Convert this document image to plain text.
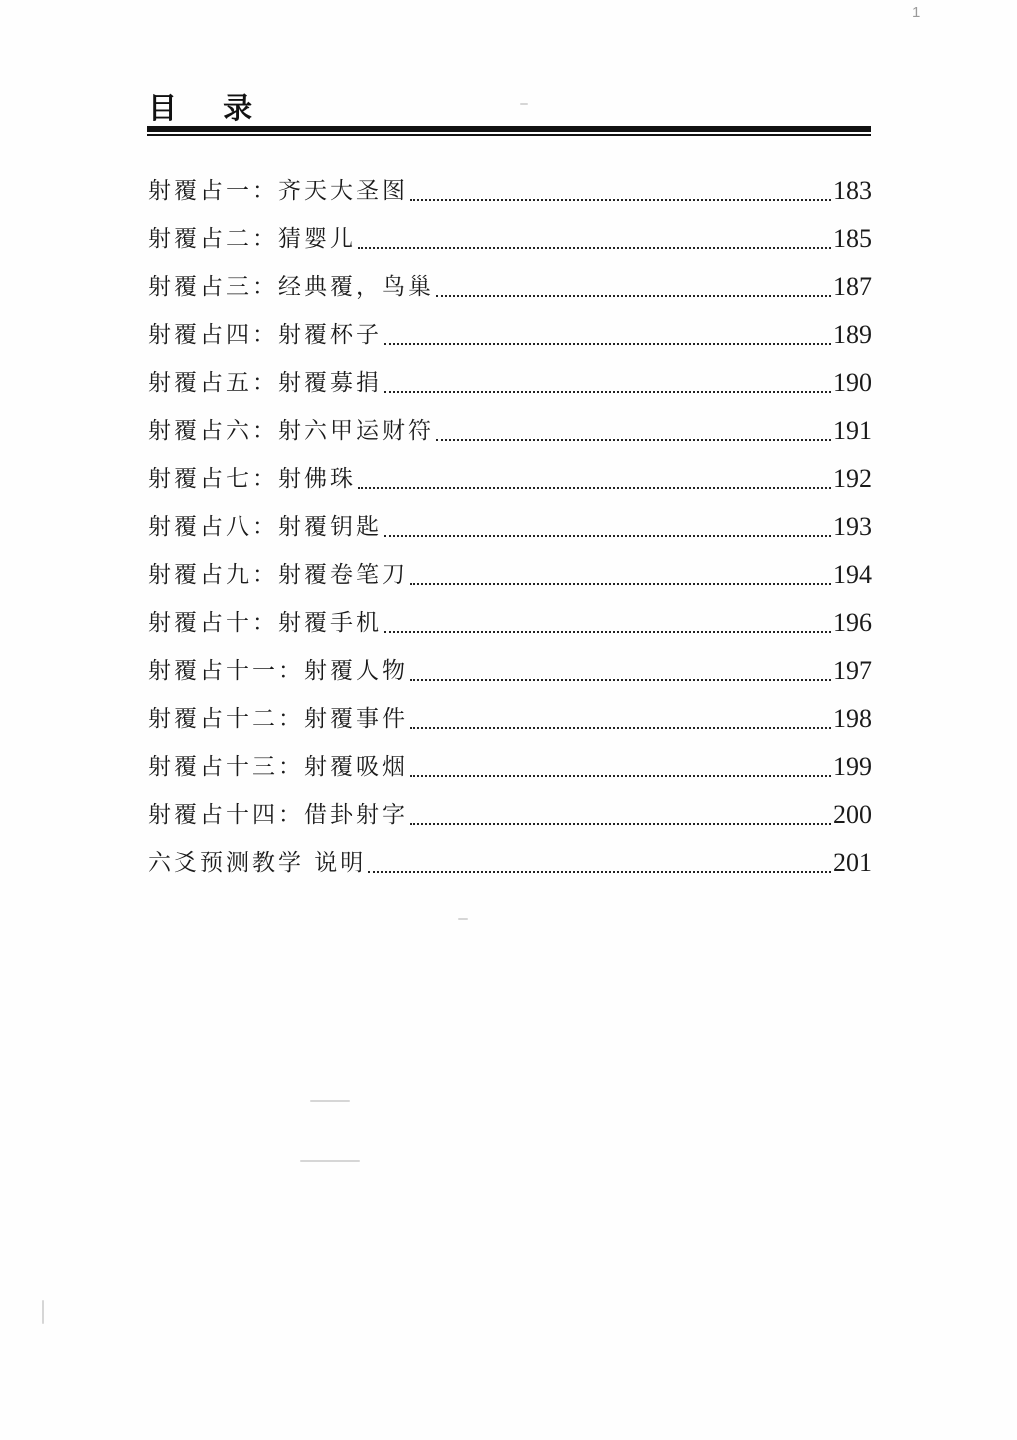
1
目 录
射覆占一：齐天大圣图	183
射覆占二：猜婴儿	185
射覆占三：经典覆，鸟巢	187
射覆占四：射覆杯子	189
射覆占五：射覆募捐	190
射覆占六：射六甲运财符	191
射覆占七：射佛珠	192
射覆占八：射覆钥匙	193
射覆占九：射覆卷笔刀	194
射覆占十：射覆手机	196
射覆占十一：射覆人物	197
射覆占十二：射覆事件	198
射覆占十三：射覆吸烟	199
射覆占十四：借卦射字	200
六爻预测教学 说明	201
